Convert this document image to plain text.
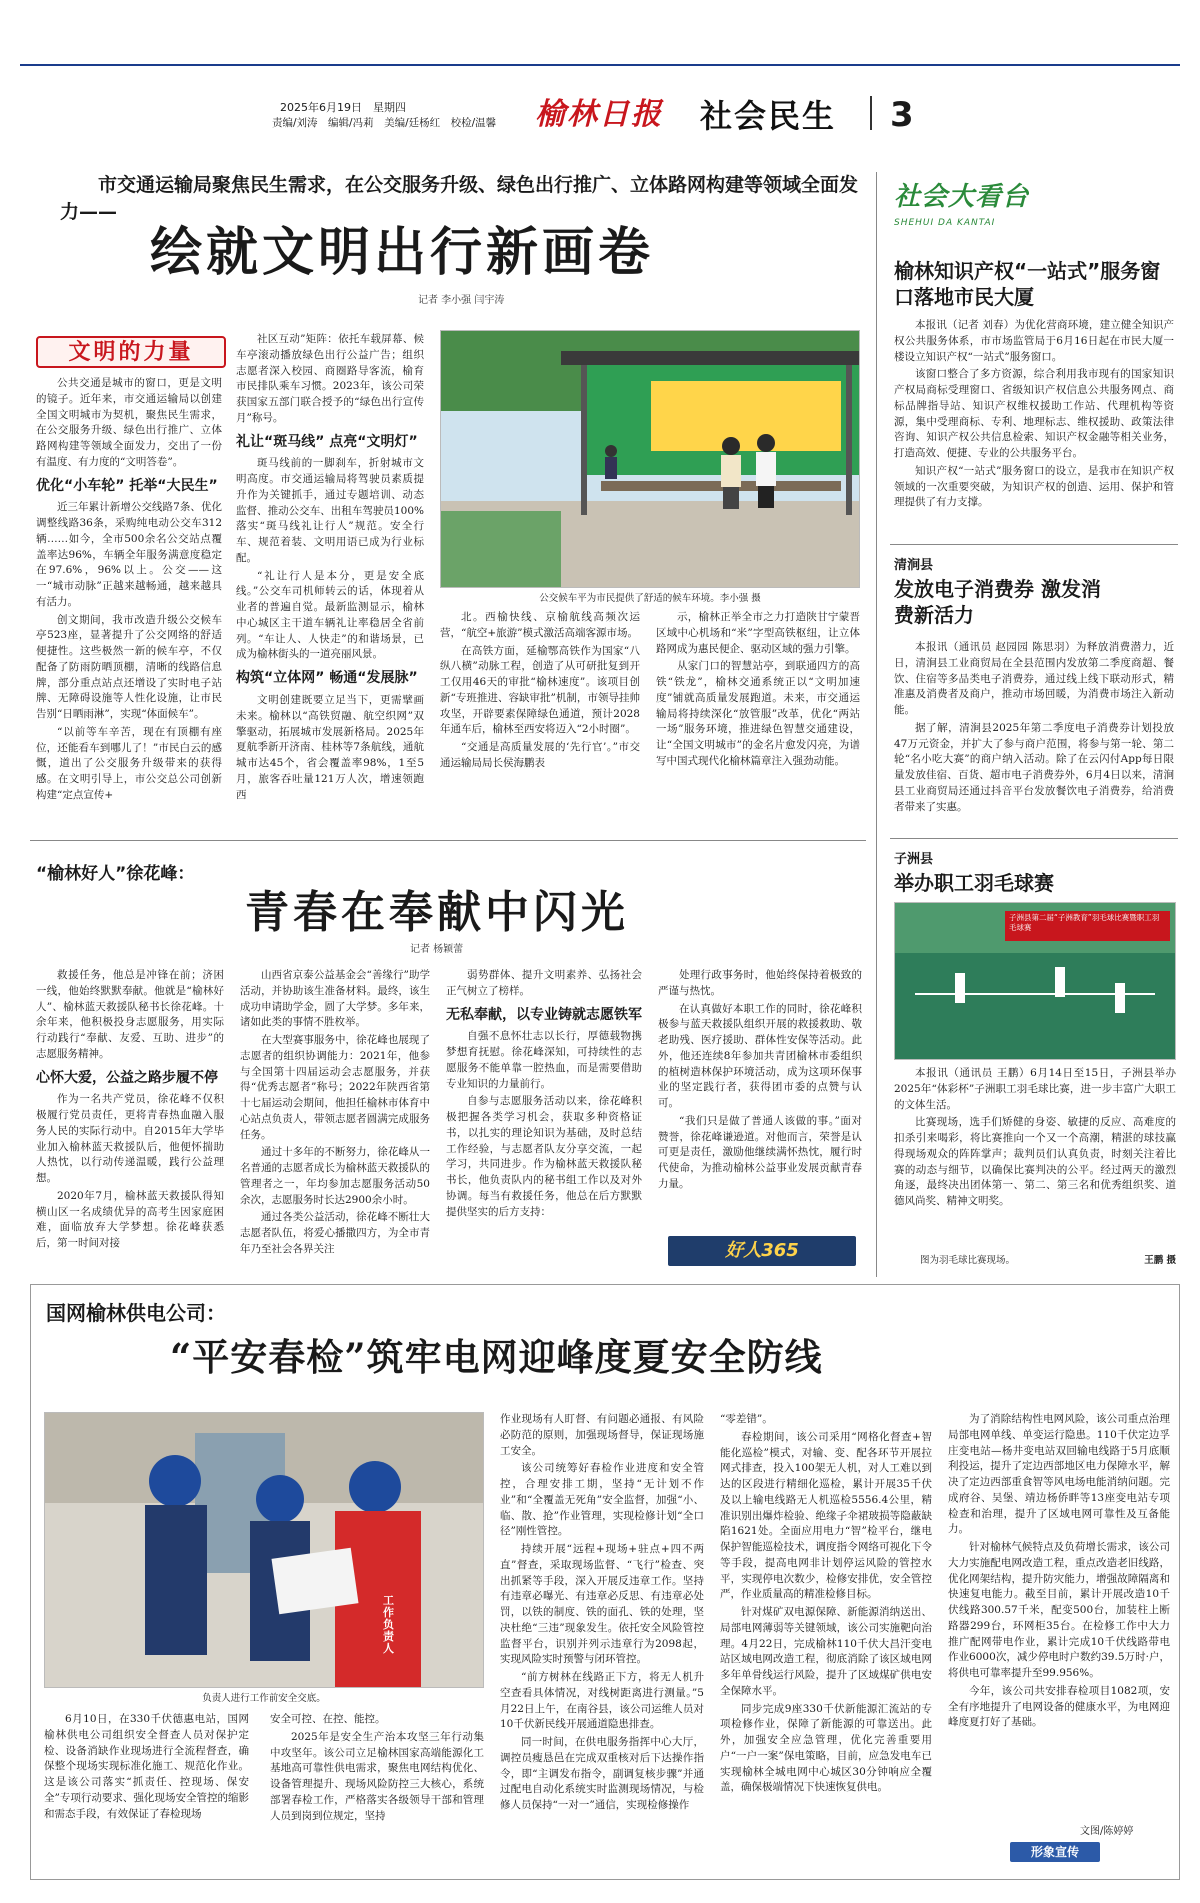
2025年6月19日　星期四
责编/刘涛　编辑/冯莉　美编/廷杨红　校检/温馨 榆林日报 社会民生 3
市交通运输局聚焦民生需求，在公交服务升级、绿色出行推广、立体路网构建等领域全面发力——
绘就文明出行新画卷
记者 李小强 闫宇涛
文明的力量

公共交通是城市的窗口，更是文明的镜子。近年来，市交通运输局以创建全国文明城市为契机，聚焦民生需求，在公交服务升级、绿色出行推广、立体路网构建等领域全面发力，交出了一份有温度、有力度的“文明答卷”。

优化“小车轮” 托举“大民生”

近三年累计新增公交线路7条、优化调整线路36条，采购纯电动公交车312辆……如今，全市500余名公交站点覆盖率达96%，车辆全年服务满意度稳定在97.6%，96%以上。公交——这一“城市动脉”正越来越畅通，越来越具有活力。

创文期间，我市改造升级公交候车亭523座，显著提升了公交网络的舒适便捷性。这些极然一新的候车亭，不仅配备了防雨防晒顶棚，清晰的线路信息牌，部分重点站点还增设了实时电子站牌、无障碍设施等人性化设施，让市民告别“日晒雨淋”，实现“体面候车”。

“以前等车辛苦，现在有顶棚有座位，还能看车到哪儿了！”市民白云的感慨，道出了公交服务升级带来的获得感。在文明引导上，市公交总公司创新构建“定点宣传+

社区互动”矩阵：依托车载屏幕、候车亭滚动播放绿色出行公益广告；组织志愿者深入校园、商圈路导客流，榆育市民排队乘车习惯。2023年，该公司荣获国家五部门联合授予的“绿色出行宣传月”称号。

礼让“斑马线” 点亮“文明灯”

斑马线前的一脚刹车，折射城市文明高度。市交通运输局将驾驶员素质提升作为关键抓手，通过专题培训、动态监督、推动公交车、出租车驾驶员100%落实“斑马线礼让行人”规范。安全行车、规范着装、文明用语已成为行业标配。

“礼让行人是本分，更是安全底线。”公交车司机师转云的话，体现着从业者的普遍自觉。最新监测显示，榆林中心城区主干道车辆礼让率稳居全省前列。“车让人、人快走”的和谐场景，已成为榆林街头的一道亮丽风景。

构筑“立体网” 畅通“发展脉”

文明创建既要立足当下，更需擘画未来。榆林以“高铁贸融、航空织网”双擎驱动，拓展城市发展新格局。2025年夏航季新开济南、桂林等7条航线，通航城市达45个，省会覆盖率98%，1至5月，旅客吞吐量121万人次，增速领跑西

公交候车平为市民提供了舒适的候车环境。李小强 摄

北。西榆快线、京榆航线高频次运营，“航空+旅游”模式激活高端客源市场。

在高铁方面，延榆鄂高铁作为国家“八纵八横”动脉工程，创造了从可研批复到开工仅用46天的审批“榆林速度”。该项目创新“专班推进、容缺审批”机制，市领导挂帅攻坚，开辟要素保障绿色通道，预计2028年通车后，榆林至西安将迈入“2小时圈”。

“交通是高质量发展的‘先行官’。”市交通运输局局长侯海鹏表

示，榆林正举全市之力打造陕甘宁蒙晋区域中心机场和“米”字型高铁枢纽，让立体路网成为惠民便企、驱动区域的强力引擎。

从家门口的智慧站亭，到联通四方的高铁“铁龙”，榆林交通系统正以“文明加速度”铺就高质量发展跑道。未来，市交通运输局将持续深化“放管服”改革，优化“两站一场”服务环境，推进绿色智慧交通建设，让“全国文明城市”的金名片愈发闪亮，为谱写中国式现代化榆林篇章注入强劲动能。

社会大看台
SHEHUI DA KANTAI
榆林知识产权“一站式”服务窗口落地市民大厦

本报讯（记者 刘春）为优化营商环境，建立健全知识产权公共服务体系，市市场监管局于6月16日起在市民大厦一楼设立知识产权“一站式”服务窗口。

该窗口整合了多方资源，综合利用我市现有的国家知识产权局商标受理窗口、省级知识产权信息公共服务网点、商标品牌指导站、知识产权维权援助工作站、代理机构等资源，集中受理商标、专利、地理标志、维权援助、政策法律咨询、知识产权公共信息检索、知识产权金融等相关业务，打造高效、便捷、专业的公共服务平台。

知识产权“一站式”服务窗口的设立，是我市在知识产权领域的一次重要突破，为知识产权的创造、运用、保护和管理提供了有力支撑。

清涧县
发放电子消费券 激发消费新活力

本报讯（通讯员 赵园园 陈思羽）为释放消费潜力，近日，清涧县工业商贸局在全县范围内发放第二季度商超、餐饮、住宿等多品类电子消费券，通过线上线下联动形式，精准惠及消费者及商户，推动市场回暖，为消费市场注入新动能。

据了解，清涧县2025年第二季度电子消费券计划投放47万元资金，并扩大了参与商户范围，将参与第一轮、第二轮“名小吃大赛”的商户纳入活动。除了在云闪付App每日限量发放佳宿、百货、超市电子消费券外，6月4日以来，清涧县工业商贸局还通过抖音平台发放餐饮电子消费券，给消费者带来了实惠。

子洲县
举办职工羽毛球赛
子洲县第二届“子洲教育”羽毛球比赛暨职工羽毛球赛

本报讯（通讯员 王鹏）6月14日至15日，子洲县举办2025年“体彩杯”子洲职工羽毛球比赛，进一步丰富广大职工的文体生活。

比赛现场，选手们矫健的身姿、敏捷的反应、高难度的扣杀引来喝彩，将比赛推向一个又一个高潮，精湛的球技赢得现场观众的阵阵掌声；裁判员们认真负责，时刻关注着比赛的动态与细节，以确保比赛判决的公平。经过两天的激烈角逐，最终决出团体第一、第二、第三名和优秀组织奖、道德风尚奖、精神文明奖。

图为羽毛球比赛现场。	王鹏 摄
“榆林好人”徐花峰：
青春在奉献中闪光
记者 杨颖蕾

救援任务，他总是冲锋在前；济困一线，他始终默默奉献。他就是“榆林好人”、榆林蓝天救援队秘书长徐花峰。十余年来，他积极投身志愿服务，用实际行动践行“奉献、友爱、互助、进步”的志愿服务精神。

心怀大爱，公益之路步履不停

作为一名共产党员，徐花峰不仅积极履行党员责任，更将青春热血融入服务人民的实际行动中。自2015年大学毕业加入榆林蓝天救援队后，他便怀揣助人热忱，以行动传递温暖，践行公益理想。

2020年7月，榆林蓝天救援队得知横山区一名成绩优异的高考生因家庭困难，面临放弃大学梦想。徐花峰获悉后，第一时间对接

山西省京泰公益基金会“善缘行”助学活动，并协助该生准备材料。最终，该生成功申请助学金，圆了大学梦。多年来，诸如此类的事情不胜枚举。

在大型赛事服务中，徐花峰也展现了志愿者的组织协调能力：2021年，他参与全国第十四届运动会志愿服务，并获得“优秀志愿者”称号；2022年陕西省第十七届运动会期间，他担任榆林市体育中心站点负责人，带领志愿者圆满完成服务任务。

通过十多年的不断努力，徐花峰从一名普通的志愿者成长为榆林蓝天救援队的管理者之一，年均参加志愿服务活动50余次，志愿服务时长达2900余小时。

通过各类公益活动，徐花峰不断壮大志愿者队伍，将爱心播撒四方，为全市青年乃至社会各界关注

弱势群体、提升文明素养、弘扬社会正气树立了榜样。

无私奉献，以专业铸就志愿铁军

自强不息怀壮志以长行，厚德载物携梦想育抚慰。徐花峰深知，可持续性的志愿服务不能单靠一腔热血，而是需要借助专业知识的力量前行。

自参与志愿服务活动以来，徐花峰积极把握各类学习机会，获取多种资格证书，以扎实的理论知识为基础，及时总结工作经验，与志愿者队友分享交流，一起学习，共同进步。作为榆林蓝天救援队秘书长，他负责队内的秘书组工作以及对外协调。每当有救援任务，他总在后方默默提供坚实的后方支持：

处理行政事务时，他始终保持着极致的严谨与热忱。

在认真做好本职工作的同时，徐花峰积极参与蓝天救援队组织开展的救援救助、敬老助残、医疗援助、群体性安保等活动。此外，他还连续8年参加共青团榆林市委组织的植树造林保护环境活动，成为这项环保事业的坚定践行者，获得团市委的点赞与认可。

“我们只是做了普通人该做的事。”面对赞誉，徐花峰谦逊道。对他而言，荣誉是认可更是责任，激励他继续满怀热忱，履行时代使命，为推动榆林公益事业发展贡献青春力量。

好人365
国网榆林供电公司：
“平安春检”筑牢电网迎峰度夏安全防线
工作负责人
负责人进行工作前安全交底。

6月10日，在330千伏德惠电站，国网榆林供电公司组织安全督查人员对保护定检、设备消缺作业现场进行全流程督查，确保整个现场实现标准化施工、规范化作业。这是该公司落实“抓责任、控现场、保安全”专项行动要求、强化现场安全管控的缩影和需态手段，有效保证了春检现场

安全可控、在控、能控。

2025年是安全生产治本攻坚三年行动集中攻坚年。该公司立足榆林国家高端能源化工基地高可靠性供电需求，聚焦电网结构优化、设备管理提升、现场风险防控三大核心，系统部署春检工作，严格落实各级领导干部和管理人员到岗到位规定，坚持

作业现场有人盯督、有问题必通报、有风险必防范的原则，加强现场督导，保证现场施工安全。

该公司统筹好春检作业进度和安全管控，合理安排工期，坚持“无计划不作业”和“全覆盖无死角”安全监督，加强“小、临、散、抢”作业管理，实现检修计划“全口径”刚性管控。

持续开展“远程+现场+驻点+四不两直”督查，采取现场监督、“飞行”检查、突出抓紧等手段，深入开展反违章工作。坚持有违章必曝光、有违章必反思、有违章必处罚，以铁的制度、铁的面孔、铁的处理，坚决杜绝“三违”现象发生。依托安全风险管控监督平台，识别并列示违章行为2098起，实现风险实时预警与闭环管控。

“前方树林在线路正下方，将无人机升空查看具体情况，对线树距离进行测量。”5月22日上午，在南谷县，该公司运维人员对10千伏新民线开展通道隐患排查。

同一时间，在供电服务指挥中心大厅，调控员瘦恳邑在完成双重核对后下达操作指令，即“主调发布指令，副调复核步骤”并通过配电自动化系统实时监测现场情况，与检修人员保持“一对一”通信，实现检修操作

“零差错”。

春检期间，该公司采用“网格化督查+智能化巡检”模式，对输、变、配各环节开展拉网式排查，投入100架无人机，对人工难以到达的区段进行精细化巡检，累计开展35千伏及以上输电线路无人机巡检5556.4公里，精准识别出爆炸检验、绝缘子伞裙玻损等隐蔽缺陷1621处。全面应用电力“智”检平台，继电保护智能巡检技术，调度指令网络可视化下令等手段，提高电网非计划停运风险的管控水平，实现停电次数少，检修安排优，安全管控严，作业质量高的精准检修目标。

针对煤矿双电源保障、新能源消纳送出、局部电网薄弱等关键领域，该公司实施靶向治理。4月22日，完成榆林110千伏大昌汗变电站区域电网改造工程，彻底消除了该区域电网多年单骨线运行风险，提升了区域煤矿供电安全保障水平。

同步完成9座330千伏新能源汇流站的专项检修作业，保障了新能源的可靠送出。此外，加强安全应急管理，优化完善重要用户“一户一案”保电策略，目前，应急发电车已实现榆林全城电网中心城区30分钟响应全覆盖，确保极端情况下快速恢复供电。

为了消除结构性电网风险，该公司重点治理局部电网单线、单变运行隐患。110千伏定边孚庄变电站—杨井变电站双回输电线路于5月底顺利投运，提升了定边西部地区电力保障水平，解决了定边西部重食智等风电场电能消纳问题。完成府谷、吴堡、靖边杨侨畔等13座变电站专项检查和治理，提升了区域电网可靠性及互备能力。

针对榆林气候特点及负荷增长需求，该公司大力实施配电网改造工程，重点改造老旧线路，优化网架结构，提升防灾能力，增强故障隔离和快速复电能力。截至目前，累计开展改造10千伏线路300.57千米，配变500台，加装柱上断路器299台，环网柜35台。在检修工作中大力推广配网带电作业，累计完成10千伏线路带电作业6000次，减少停电时户数约39.5万时·户，将供电可靠率提升至99.956%。

今年，该公司共安排春检项目1082项，安全有序地提升了电网设备的健康水平，为电网迎峰度夏打好了基础。

文图/陈婷婷
形象宣传
